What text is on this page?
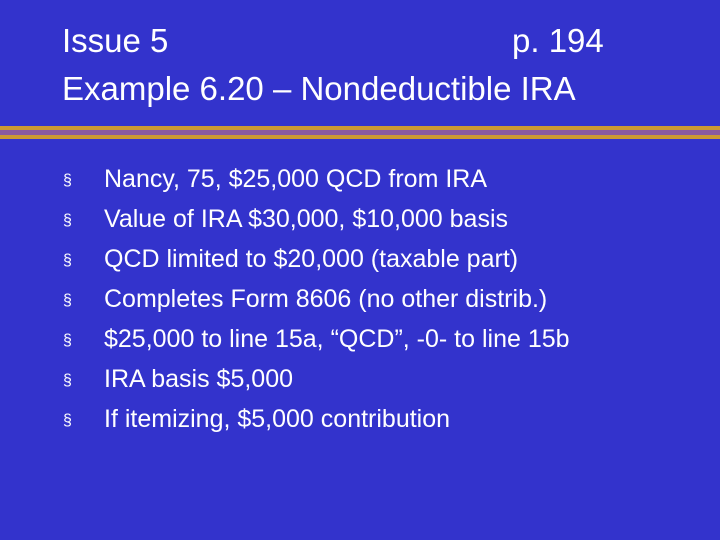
Issue 5	p. 194
Example 6.20 – Nondeductible IRA
§ Nancy, 75, $25,000 QCD from IRA
§ Value of IRA $30,000, $10,000 basis
§ QCD limited to $20,000 (taxable part)
§ Completes Form 8606 (no other distrib.)
§ $25,000 to line 15a, “QCD”, -0- to line 15b
§ IRA basis $5,000
§ If itemizing, $5,000 contribution
